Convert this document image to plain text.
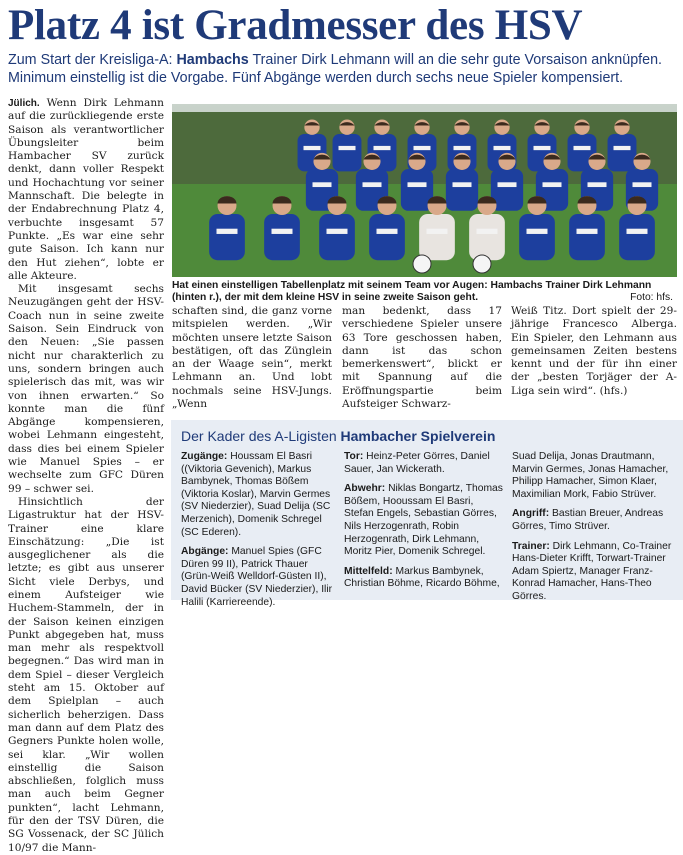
Platz 4 ist Gradmesser des HSV
Zum Start der Kreisliga-A: Hambachs Trainer Dirk Lehmann will an die sehr gute Vorsaison anknüpfen.
Minimum einstellig ist die Vorgabe. Fünf Abgänge werden durch sechs neue Spieler kompensiert.

Jülich. Wenn Dirk Lehmann auf die zurückliegende erste Saison als verantwortlicher Übungsleiter beim Hambacher SV zurück denkt, dann voller Respekt und Hochachtung vor seiner Mannschaft. Die belegte in der Endabrechnung Platz 4, verbuchte insgesamt 57 Punkte. „Es war eine sehr gute Saison. Ich kann nur den Hut ziehen“, lobte er alle Akteure.

Mit insgesamt sechs Neuzugängen geht der HSV-Coach nun in seine zweite Saison. Sein Eindruck von den Neuen: „Sie passen nicht nur charakterlich zu uns, sondern bringen auch spielerisch das mit, was wir von ihnen erwarten.“ So konnte man die fünf Abgänge kompensieren, wobei Lehmann eingesteht, dass dies bei einem Spieler wie Manuel Spies – er wechselte zum GFC Düren 99 – schwer sei.

Hinsichtlich der Ligastruktur hat der HSV-Trainer eine klare Einschätzung: „Die ist ausgeglichener als die letzte; es gibt aus unserer Sicht viele Derbys, und einem Aufsteiger wie Huchem-Stammeln, der in der Saison keinen einzigen Punkt abgegeben hat, muss man mehr als respektvoll begegnen.“ Das wird man in dem Spiel – dieser Vergleich steht am 15. Oktober auf dem Spielplan – auch sicherlich beherzigen. Dass man dann auf dem Platz des Gegners Punkte holen wolle, sei klar. „Wir wollen einstellig die Saison abschließen, folglich muss man auch beim Gegner punkten“, lacht Lehmann, für den der TSV Düren, die SG Vossenack, der SC Jülich 10/97 die Mann-

Hat einen einstelligen Tabellenplatz mit seinem Team vor Augen: Hambachs Trainer Dirk Lehmann (hinten r.), der mit dem kleine HSV in seine zweite Saison geht.	Foto: hfs.

schaften sind, die ganz vorne mitspielen werden. „Wir möchten unsere letzte Saison bestätigen, oft das Zünglein an der Waage sein“, merkt Lehmann an. Und lobt nochmals seine HSV-Jungs. „Wenn

man bedenkt, dass 17 verschiedene Spieler unsere 63 Tore geschossen haben, dann ist das schon bemerkenswert“, blickt er mit Spannung auf die Eröffnungspartie beim Aufsteiger Schwarz-

Weiß Titz. Dort spielt der 29-jährige Francesco Alberga. Ein Spieler, den Lehmann aus gemeinsamen Zeiten bestens kennt und der für ihn einer der „besten Torjäger der A-Liga sein wird“. (hfs.)

Der Kader des A-Ligisten Hambacher Spielverein

Zugänge: Houssam El Basri ((Viktoria Gevenich), Markus Bambynek, Thomas Bößem (Viktoria Koslar), Marvin Germes (SV Niederzier), Suad Delija (SC Merzenich), Domenik Schregel (SC Ederen).

Abgänge: Manuel Spies (GFC Düren 99 II), Patrick Thauer (Grün-Weiß Welldorf-Güsten II), David Bücker (SV Niederzier), Ilir Halili (Karriereende).

Tor: Heinz-Peter Görres, Daniel Sauer, Jan Wickerath.

Abwehr: Niklas Bongartz, Thomas Bößem, Hooussam El Basri, Stefan Engels, Sebastian Görres, Nils Herzogenrath, Robin Herzogenrath, Dirk Lehmann, Moritz Pier, Domenik Schregel.

Mittelfeld: Markus Bambynek, Christian Böhme, Ricardo Böhme,

Suad Delija, Jonas Drautmann, Marvin Germes, Jonas Hamacher, Philipp Hamacher, Simon Klaer, Maximilian Mork, Fabio Strüver.

Angriff: Bastian Breuer, Andreas Görres, Timo Strüver.

Trainer: Dirk Lehmann, Co-Trainer Hans-Dieter Krifft, Torwart-Trainer Adam Spiertz, Manager Franz-Konrad Hamacher, Hans-Theo Görres.
